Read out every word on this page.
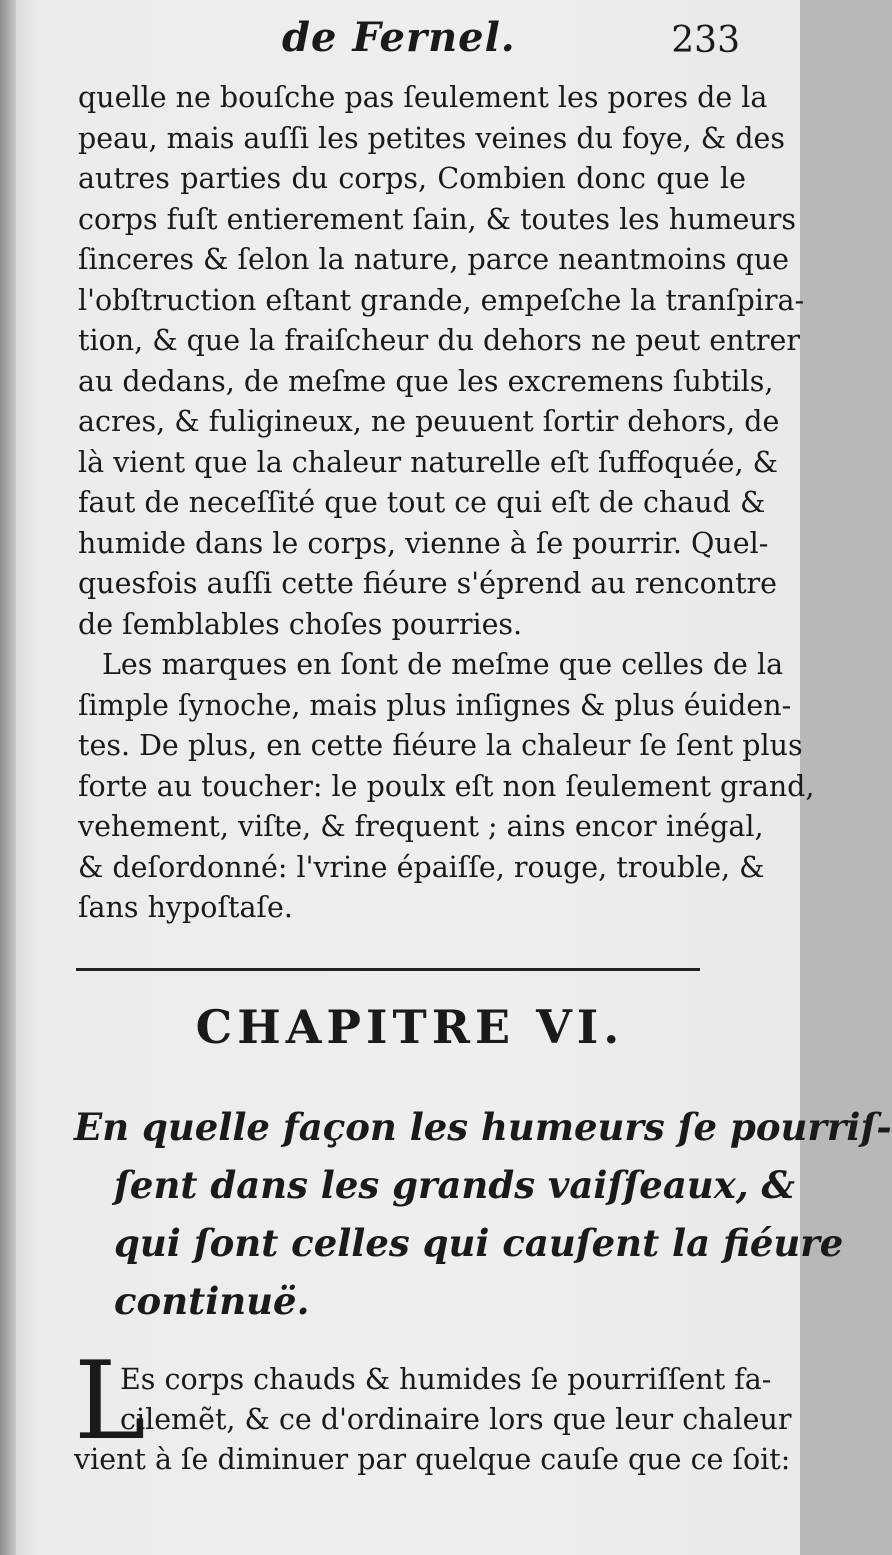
de Fernel.	233
quelle ne bouſche pas ſeulement les pores de la
peau, mais auſſi les petites veines du foye, & des
autres parties du corps, Combien donc que le
corps fuſt entierement ſain, & toutes les humeurs
ſinceres & ſelon la nature, parce neantmoins que
l'obſtruction eſtant grande, empeſche la tranſpira-
tion, & que la fraiſcheur du dehors ne peut entrer
au dedans, de meſme que les excremens ſubtils,
acres, & fuligineux, ne peuuent ſortir dehors, de
là vient que la chaleur naturelle eſt ſuffoquée, &
faut de neceſſité que tout ce qui eſt de chaud &
humide dans le corps, vienne à ſe pourrir. Quel-
quesfois auſſi cette fiéure s'éprend au rencontre
de ſemblables choſes pourries.
Les marques en ſont de meſme que celles de la
ſimple ſynoche, mais plus inſignes & plus éuiden-
tes. De plus, en cette fiéure la chaleur ſe ſent plus
forte au toucher: le poulx eſt non ſeulement grand,
vehement, viſte, & frequent ; ains encor inégal,
& deſordonné: l'vrine épaiſſe, rouge, trouble, &
ſans hypoſtaſe.
CHAPITRE VI.
En quelle façon les humeurs ſe pourriſ-
ſent dans les grands vaiſſeaux, &
qui ſont celles qui cauſent la fiéure
continuë.
L
Es corps chauds & humides ſe pourriſſent fa-
cilemẽt, & ce d'ordinaire lors que leur chaleur
vient à ſe diminuer par quelque cauſe que ce ſoit:
